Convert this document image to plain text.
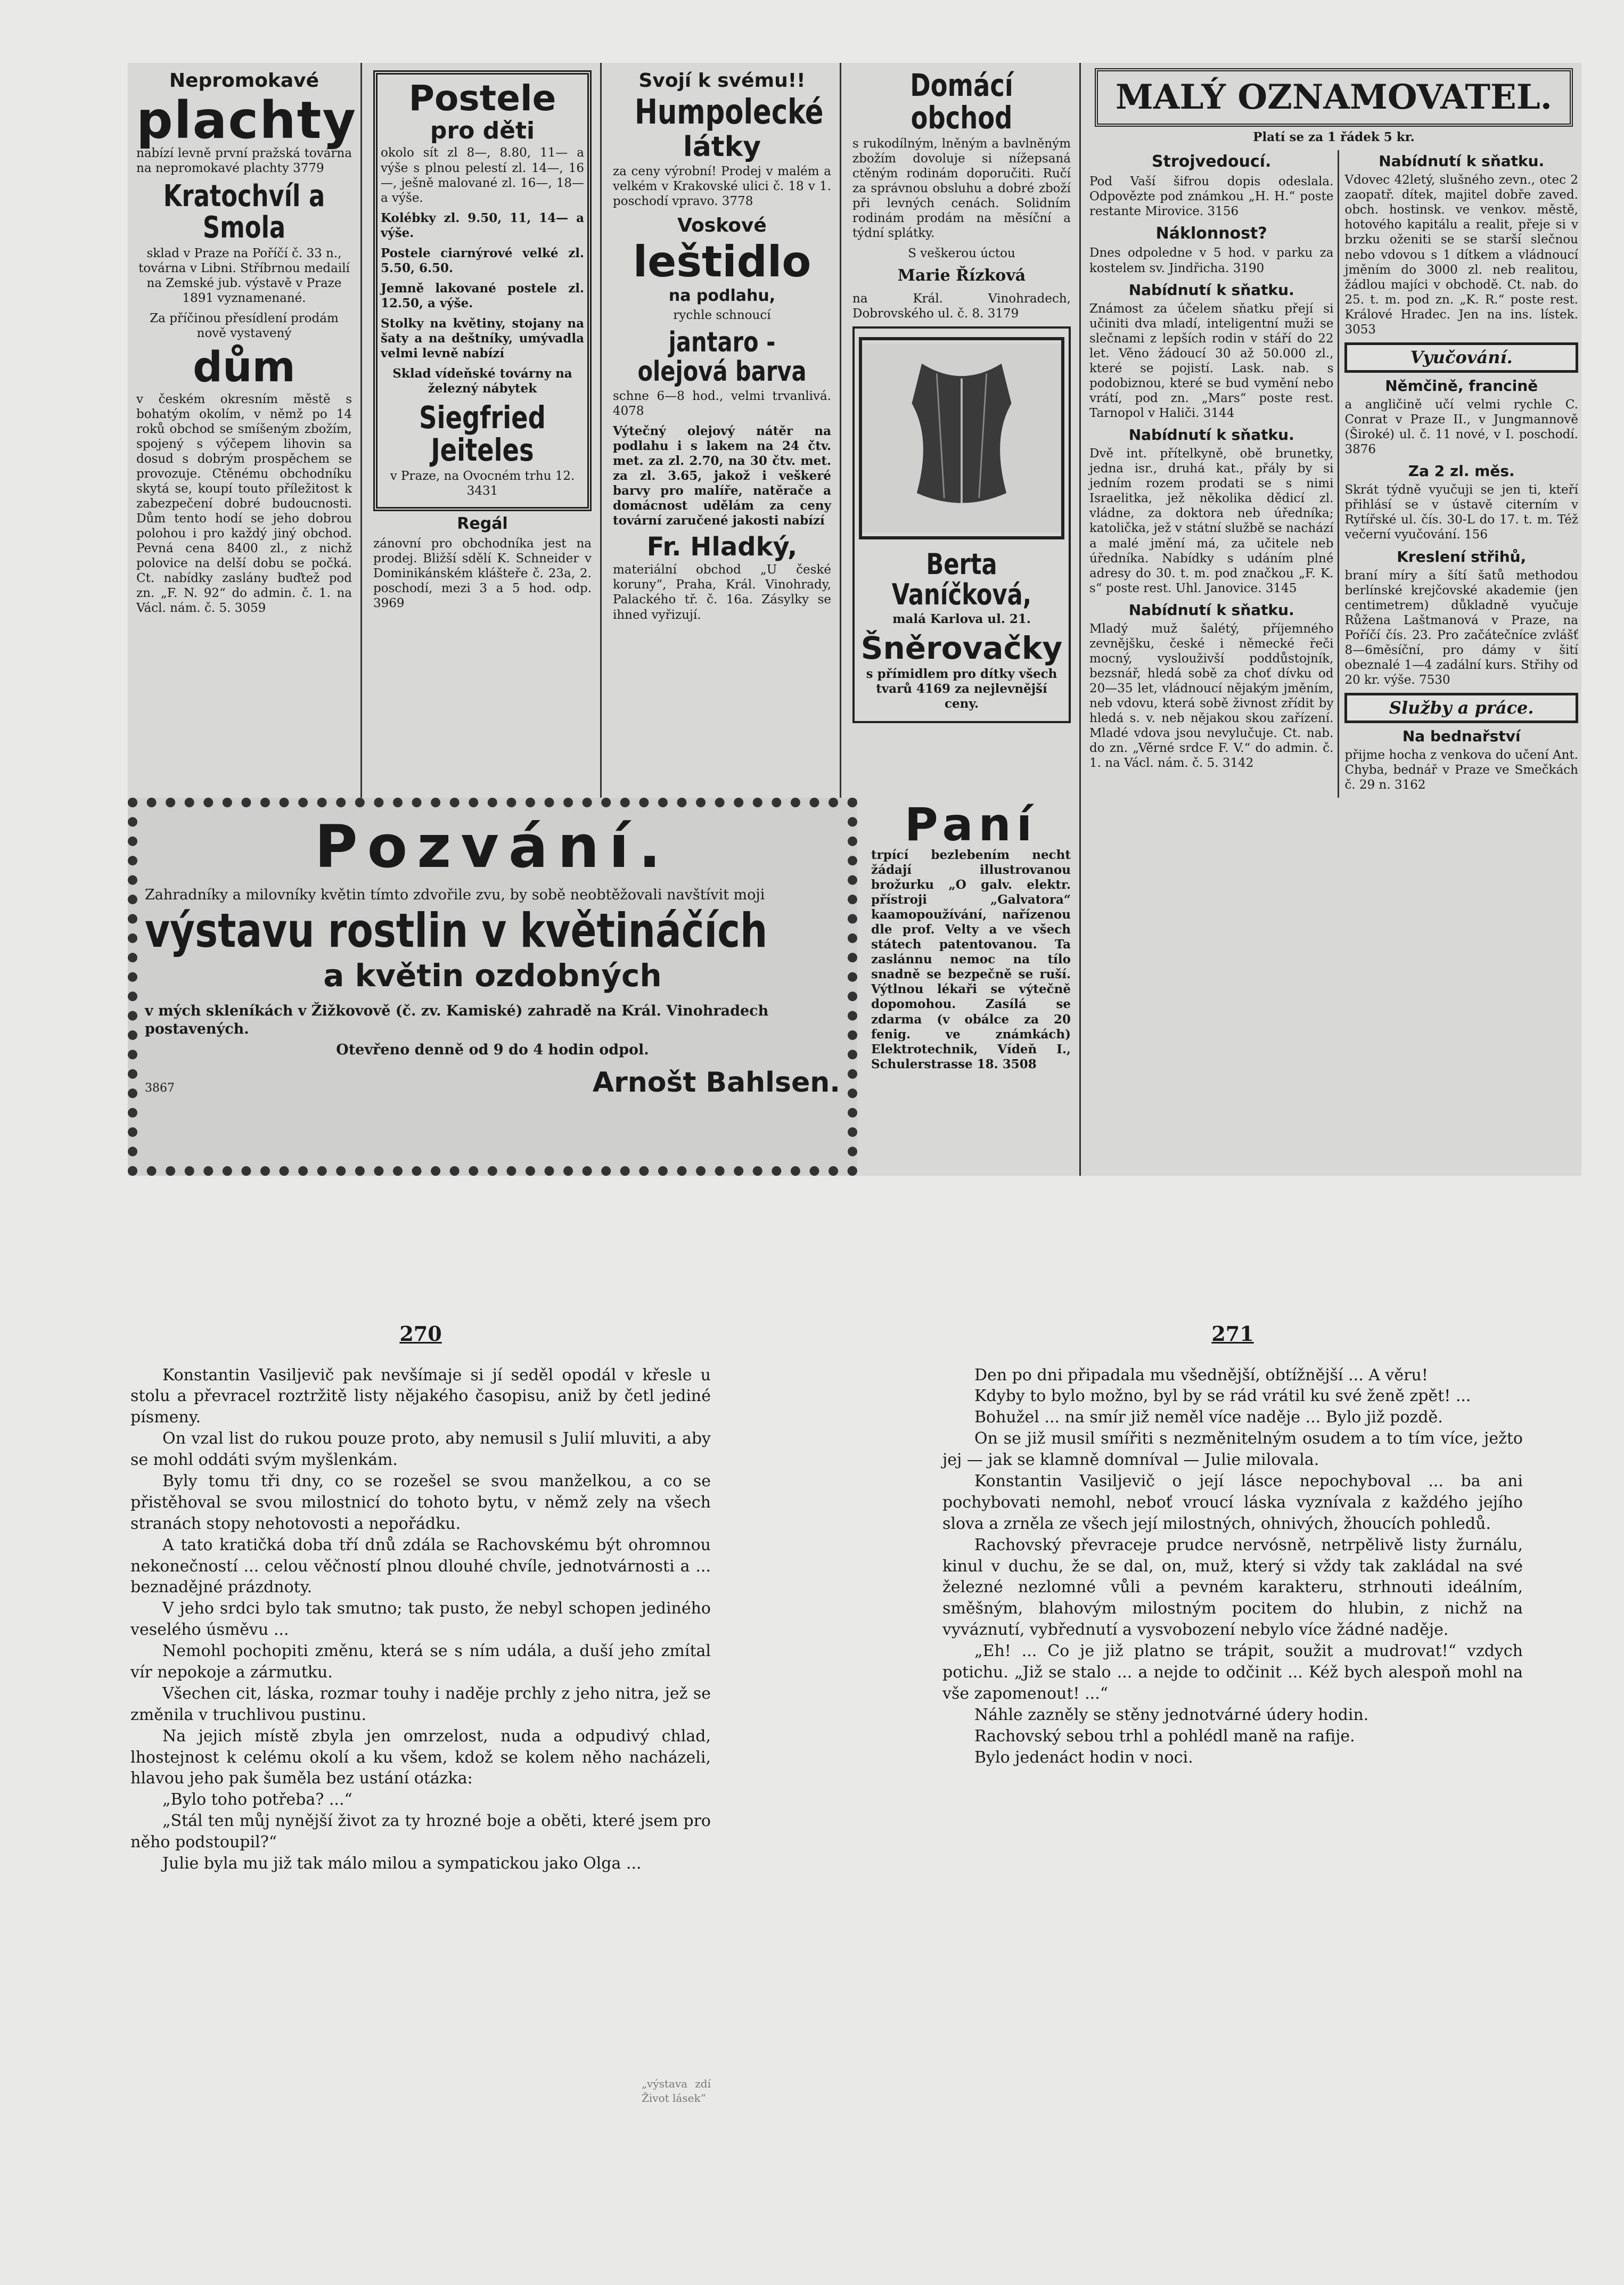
Nepromokavé
plachty

nabízí levně první pražská továrna na nepromokavé plachty 3779

Kratochvíl a Smola

sklad v Praze na Poříčí č. 33 n., továrna v Libni. Stříbrnou medailí na Zemské jub. výstavě v Praze 1891 vyznamenané.

Za příčinou přesídlení prodám nově vystavený

dům

v českém okresním městě s bohatým okolím, v němž po 14 roků obchod se smíšeným zbožím, spojený s výčepem lihovin sa dosud s dobrým prospěchem se provozuje. Ctěnému obchodníku skytá se, koupí touto příležitost k zabezpečení dobré budoucnosti. Dům tento hodí se jeho dobrou polohou i pro každý jiný obchod. Pevná cena 8400 zl., z nichž polovice na delší dobu se počká. Ct. nabídky zaslány buďtež pod zn. „F. N. 92“ do admin. č. 1. na Václ. nám. č. 5. 3059

Postele
pro děti

okolo sít zl 8—, 8.80, 11— a výše s plnou pelestí zl. 14—, 16—, ješně malované zl. 16—, 18— a výše.

Kolébky zl. 9.50, 11, 14— a výše.

Postele ciarnýrové velké zl. 5.50, 6.50.

Jemně lakované postele zl. 12.50, a výše.

Stolky na květiny, stojany na šaty a na deštníky, umývadla velmi levně nabízí

Sklad vídeňské továrny na železný nábytek

Siegfried Jeiteles

v Praze, na Ovocném trhu 12. 3431

Regál

zánovní pro obchodníka jest na prodej. Bližší sdělí K. Schneider v Dominikánském klášteře č. 23a, 2. poschodí, mezi 3 a 5 hod. odp. 3969

Svojí k svému!!
Humpolecké
látky

za ceny výrobní! Prodej v malém a velkém v Krakovské ulici č. 18 v 1. poschodí vpravo. 3778

Voskové
leštidlo
na podlahu,

rychle schnoucí

jantaro - olejová barva

schne 6—8 hod., velmi trvanlivá. 4078

Výtečný olejový nátěr na podlahu i s lakem na 24 čtv. met. za zl. 2.70, na 30 čtv. met. za zl. 3.65, jakož i veškeré barvy pro malíře, natěrače a domácnost udělám za ceny tovární zaručené jakosti nabízí

Fr. Hladký,

materiální obchod „U české koruny“, Praha, Král. Vinohrady, Palackého tř. č. 16a. Zásylky se ihned vyřizují.

Domácí obchod

s rukodílným, lněným a bavlněným zbožím dovoluje si nížepsaná ctěným rodinám doporučiti. Ručí za správnou obsluhu a dobré zboží při levných cenách. Solidním rodinám prodám na měsíční a týdní splátky.

S veškerou úctou

Marie Řízková

na Král. Vinohradech, Dobrovského ul. č. 8. 3179

Berta Vaníčková,

malá Karlova ul. 21.

Šněrovačky

s přímidlem pro dítky všech tvarů 4169 za nejlevnější ceny.

MALÝ OZNAMOVATEL.

Platí se za 1 řádek 5 kr.

Strojvedoucí.

Pod Vaší šifrou dopis odeslala. Odpovězte pod známkou „H. H.“ poste restante Mirovice. 3156

Náklonnost?

Dnes odpoledne v 5 hod. v parku za kostelem sv. Jindřicha. 3190

Nabídnutí k sňatku.

Známost za účelem sňatku přejí si učiniti dva mladí, inteligentní muži se slečnami z lepších rodin v stáří do 22 let. Věno žádoucí 30 až 50.000 zl., které se pojistí. Lask. nab. s podobiznou, které se bud vymění nebo vrátí, pod zn. „Mars“ poste rest. Tarnopol v Haliči. 3144

Nabídnutí k sňatku.

Dvě int. přítelkyně, obě brunetky, jedna isr., druhá kat., přály by si jedním rozem prodati se s nimi Israelitka, jež několika dědicí zl. vládne, za doktora neb úředníka; katolička, jež v státní službě se nachází a malé jmění má, za učitele neb úředníka. Nabídky s udáním plné adresy do 30. t. m. pod značkou „F. K. s“ poste rest. Uhl. Janovice. 3145

Nabídnutí k sňatku.

Mladý muž šalétý, příjemného zevnějšku, české i německé řeči mocný, vyslouživší poddůstojník, bezsnář, hledá sobě za choť dívku od 20—35 let, vládnoucí nějakým jměním, neb vdovu, která sobě živnost zřídit by hledá s. v. neb nějakou skou zařízení. Mladé vdova jsou nevylučuje. Ct. nab. do zn. „Věrné srdce F. V.“ do admin. č. 1. na Václ. nám. č. 5. 3142

Nabídnutí k sňatku.

Vdovec 42letý, slušného zevn., otec 2 zaopatř. dítek, majitel dobře zaved. obch. hostinsk. ve venkov. městě, hotového kapitálu a realit, přeje si v brzku oženiti se se starší slečnou nebo vdovou s 1 dítkem a vládnoucí jměním do 3000 zl. neb realitou, žádlou majíci v obchodě. Ct. nab. do 25. t. m. pod zn. „K. R.“ poste rest. Králové Hradec. Jen na ins. lístek. 3053

Vyučování.
Němčině, francině

a angličině učí velmi rychle C. Conrat v Praze II., v Jungmannově (Široké) ul. č. 11 nové, v I. poschodí. 3876

Za 2 zl. měs.

Skrát týdně vyučuji se jen ti, kteří přihlásí se v ústavě citerním v Rytířské ul. čís. 30-L do 17. t. m. Též večerní vyučování. 156

Kreslení střihů,

braní míry a šítí šatů methodou berlínské krejčovské akademie (jen centimetrem) důkladně vyučuje Růžena Laštmanová v Praze, na Poříčí čís. 23. Pro začátečníce zvlášť 8—6měsíční, pro dámy v šití obeznalé 1—4 zadální kurs. Střihy od 20 kr. výše. 7530

Služby a práce.
Na bednařství

přijme hocha z venkova do učení Ant. Chyba, bednář v Praze ve Smečkách č. 29 n. 3162

Pozvání.

Zahradníky a milovníky květin tímto zdvořile zvu, by sobě neobtěžovali navštívit moji

výstavu rostlin v květináčích
a květin ozdobných

v mých skleníkách v Žižkovově (č. zv. Kamiské) zahradě na Král. Vinohradech postavených.

Otevřeno denně od 9 do 4 hodin odpol.

3867	Arnošt Bahlsen.
Paní

trpící bezlebením necht žádají illustrovanou brožurku „O galv. elektr. přístroji „Galvatora“ kaamopoužívání, nařízenou dle prof. Velty a ve všech státech patentovanou. Ta zaslánnu nemoc na tílo snadně se bezpečně se ruší. Výtlnou lékaři se výtečně dopomohou. Zasílá se zdarma (v obálce za 20 fenig. ve známkách) Elektrotechnik, Vídeň I., Schulerstrasse 18. 3508

270

Konstantin Vasiljevič pak nevšímaje si jí seděl opodál v křesle u stolu a převracel roztržitě listy nějakého časopisu, aniž by četl jediné písmeny.

On vzal list do rukou pouze proto, aby nemusil s Julií mluviti, a aby se mohl oddáti svým myšlenkám.

Byly tomu tři dny, co se rozešel se svou manželkou, a co se přistěhoval se svou milostnicí do tohoto bytu, v němž zely na všech stranách stopy nehotovosti a nepořádku.

A tato kratičká doba tří dnů zdála se Rachovskému být ohromnou nekonečností ... celou věčností plnou dlouhé chvíle, jednotvárnosti a ... beznadějné prázdnoty.

V jeho srdci bylo tak smutno; tak pusto, že nebyl schopen jediného veselého úsměvu ...

Nemohl pochopiti změnu, která se s ním udála, a duší jeho zmítal vír nepokoje a zármutku.

Všechen cit, láska, rozmar touhy i naděje prchly z jeho nitra, jež se změnila v truchlivou pustinu.

Na jejich místě zbyla jen omrzelost, nuda a odpudivý chlad, lhostejnost k celému okolí a ku všem, kdož se kolem něho nacházeli, hlavou jeho pak šuměla bez ustání otázka:

„Bylo toho potřeba? ...“

„Stál ten můj nynější život za ty hrozné boje a oběti, které jsem pro něho podstoupil?“

Julie byla mu již tak málo milou a sympatickou jako Olga ...

„výstava zdí Život lásek“
271

Den po dni připadala mu všednější, obtížnější ... A věru!

Kdyby to bylo možno, byl by se rád vrátil ku své ženě zpět! ...

Bohužel ... na smír již neměl více naděje ... Bylo již pozdě.

On se již musil smířiti s nezměnitelným osudem a to tím více, ježto jej — jak se klamně domníval — Julie milovala.

Konstantin Vasiljevič o její lásce nepochyboval ... ba ani pochybovati nemohl, neboť vroucí láska vyznívala z každého jejího slova a zrněla ze všech její milostných, ohnivých, žhoucích pohledů.

Rachovský převraceje prudce nervósně, netrpělivě listy žurnálu, kinul v duchu, že se dal, on, muž, který si vždy tak zakládal na své železné nezlomné vůli a pevném karakteru, strhnouti ideálním, směšným, blahovým milostným pocitem do hlubin, z nichž na vyváznutí, vybřednutí a vysvobození nebylo více žádné naděje.

„Eh! ... Co je již platno se trápit, soužit a mudrovat!“ vzdych potichu. „Již se stalo ... a nejde to odčinit ... Kéž bych alespoň mohl na vše zapomenout! ...“

Náhle zazněly se stěny jednotvárné údery hodin.

Rachovský sebou trhl a pohlédl maně na rafije.

Bylo jedenáct hodin v noci.
